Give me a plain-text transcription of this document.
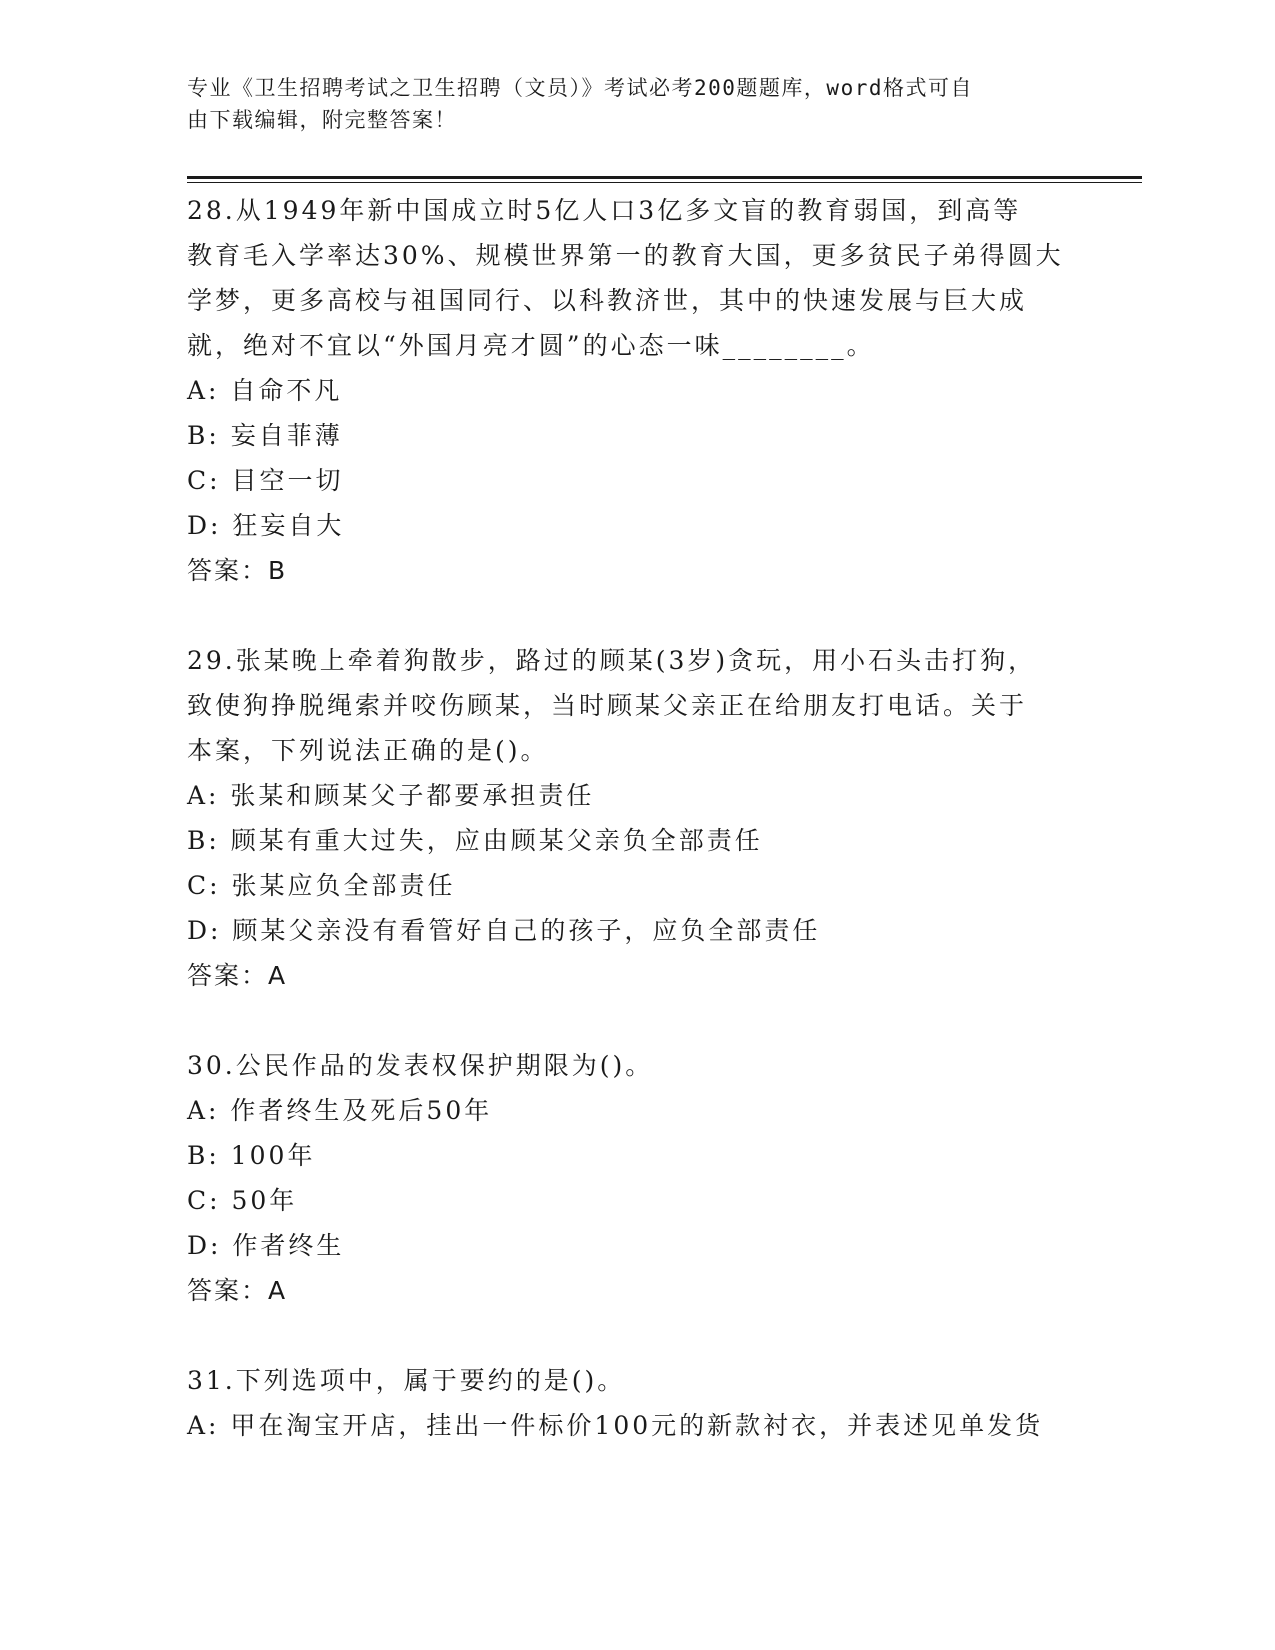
专业《卫生招聘考试之卫生招聘（文员）》考试必考200题题库，word格式可自
由下载编辑，附完整答案！

28.从1949年新中国成立时5亿人口3亿多文盲的教育弱国，到高等

教育毛入学率达30%、规模世界第一的教育大国，更多贫民子弟得圆大

学梦，更多高校与祖国同行、以科教济世，其中的快速发展与巨大成

就，绝对不宜以“外国月亮才圆”的心态一味________。

A: 自命不凡

B: 妄自菲薄

C: 目空一切

D: 狂妄自大

答案：B

29.张某晚上牵着狗散步，路过的顾某(3岁)贪玩，用小石头击打狗，

致使狗挣脱绳索并咬伤顾某，当时顾某父亲正在给朋友打电话。关于

本案，下列说法正确的是()。

A: 张某和顾某父子都要承担责任

B: 顾某有重大过失，应由顾某父亲负全部责任

C: 张某应负全部责任

D: 顾某父亲没有看管好自己的孩子，应负全部责任

答案：A

30.公民作品的发表权保护期限为()。

A: 作者终生及死后50年

B: 100年

C: 50年

D: 作者终生

答案：A

31.下列选项中，属于要约的是()。

A: 甲在淘宝开店，挂出一件标价100元的新款衬衣，并表述见单发货
